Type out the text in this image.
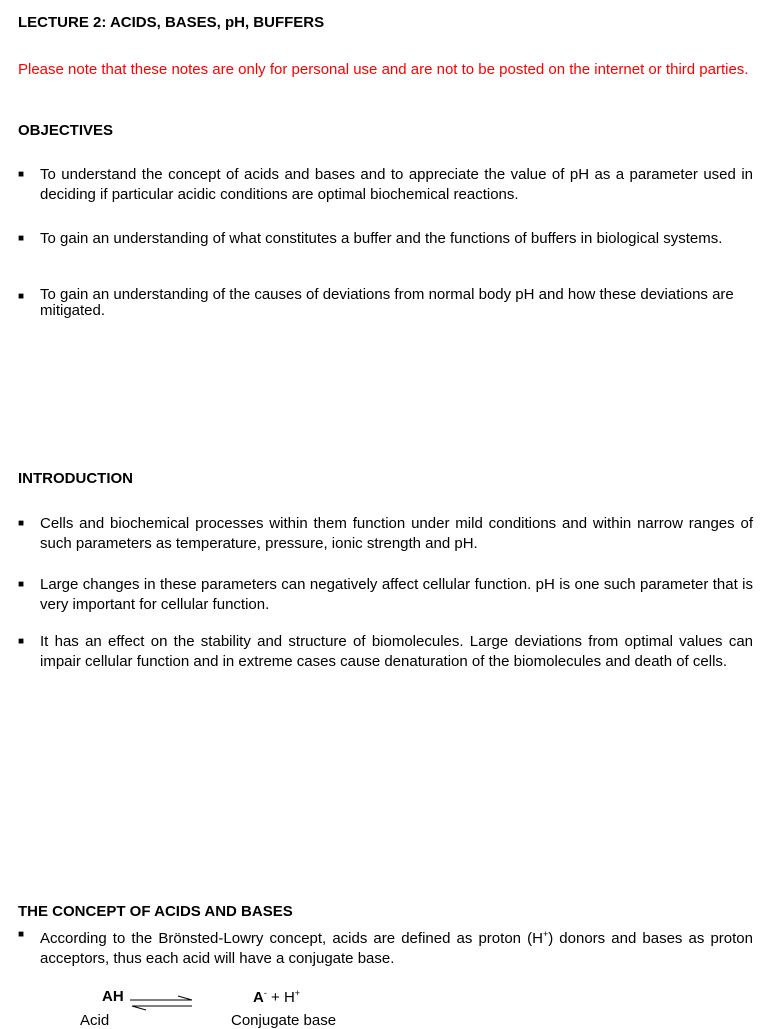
LECTURE 2: ACIDS, BASES, pH, BUFFERS
Please note that these notes are only for personal use and are not to be posted on the internet or third parties.
OBJECTIVES
■	To understand the concept of acids and bases and to appreciate the value of pH as a parameter used in deciding if particular acidic conditions are optimal biochemical reactions.
■	To gain an understanding of what constitutes a buffer and the functions of buffers in biological systems.
■	To gain an understanding of the causes of deviations from normal body pH and how these deviations are mitigated.
INTRODUCTION
■	Cells and biochemical processes within them function under mild conditions and within narrow ranges of such parameters as temperature, pressure, ionic strength and pH.
■	Large changes in these parameters can negatively affect cellular function. pH is one such parameter that is very important for cellular function.
■	It has an effect on the stability and structure of biomolecules. Large deviations from optimal values can impair cellular function and in extreme cases cause denaturation of the biomolecules and death of cells.
THE CONCEPT OF ACIDS AND BASES
■	According to the Brönsted-Lowry concept, acids are defined as proton (H+) donors and bases as proton acceptors, thus each acid will have a conjugate base.
AH	A- + H+
Acid	Conjugate base
